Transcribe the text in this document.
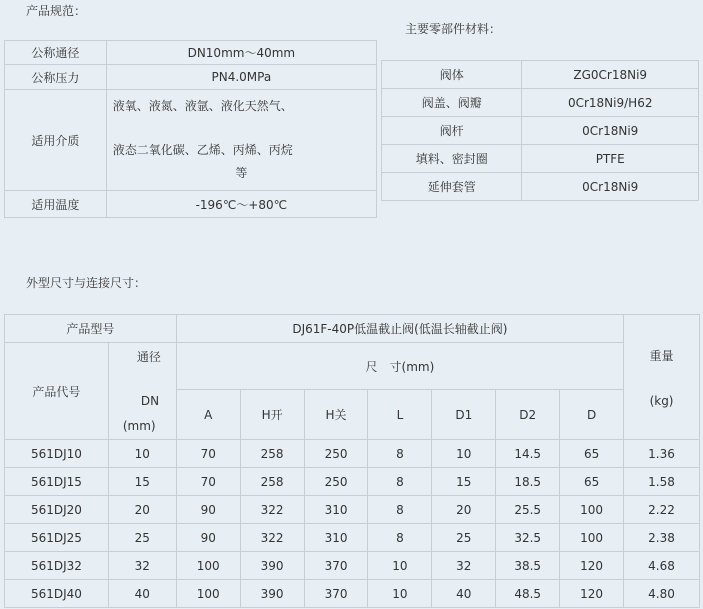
产品规范：
公称通径	DN10mm～40mm
公称压力	PN4.0MPa
适用介质	液氧、液氮、液氩、液化天然气、
液态二氧化碳、乙烯、丙烯、丙烷
等

适用温度	-196℃～+80℃
主要零部件材料：
阀体	ZG0Cr18Ni9
阀盖、阀瓣	0Cr18Ni9/H62
阀杆	0Cr18Ni9
填料、密封圈	PTFE
延伸套管	0Cr18Ni9
外型尺寸与连接尺寸：
产品型号		DJ61F-40P低温截止阀(低温长轴截止阀)							重量
(kg)

产品代号	通径
DN
(mm)	尺　寸(mm)							
		A	H开	H关	L	D1	D2	D	
561DJ10	10	70	258	250	8	10	14.5	65	1.36
561DJ15	15	70	258	250	8	15	18.5	65	1.58
561DJ20	20	90	322	310	8	20	25.5	100	2.22
561DJ25	25	90	322	310	8	25	32.5	100	2.38
561DJ32	32	100	390	370	10	32	38.5	120	4.68
561DJ40	40	100	390	370	10	40	48.5	120	4.80
